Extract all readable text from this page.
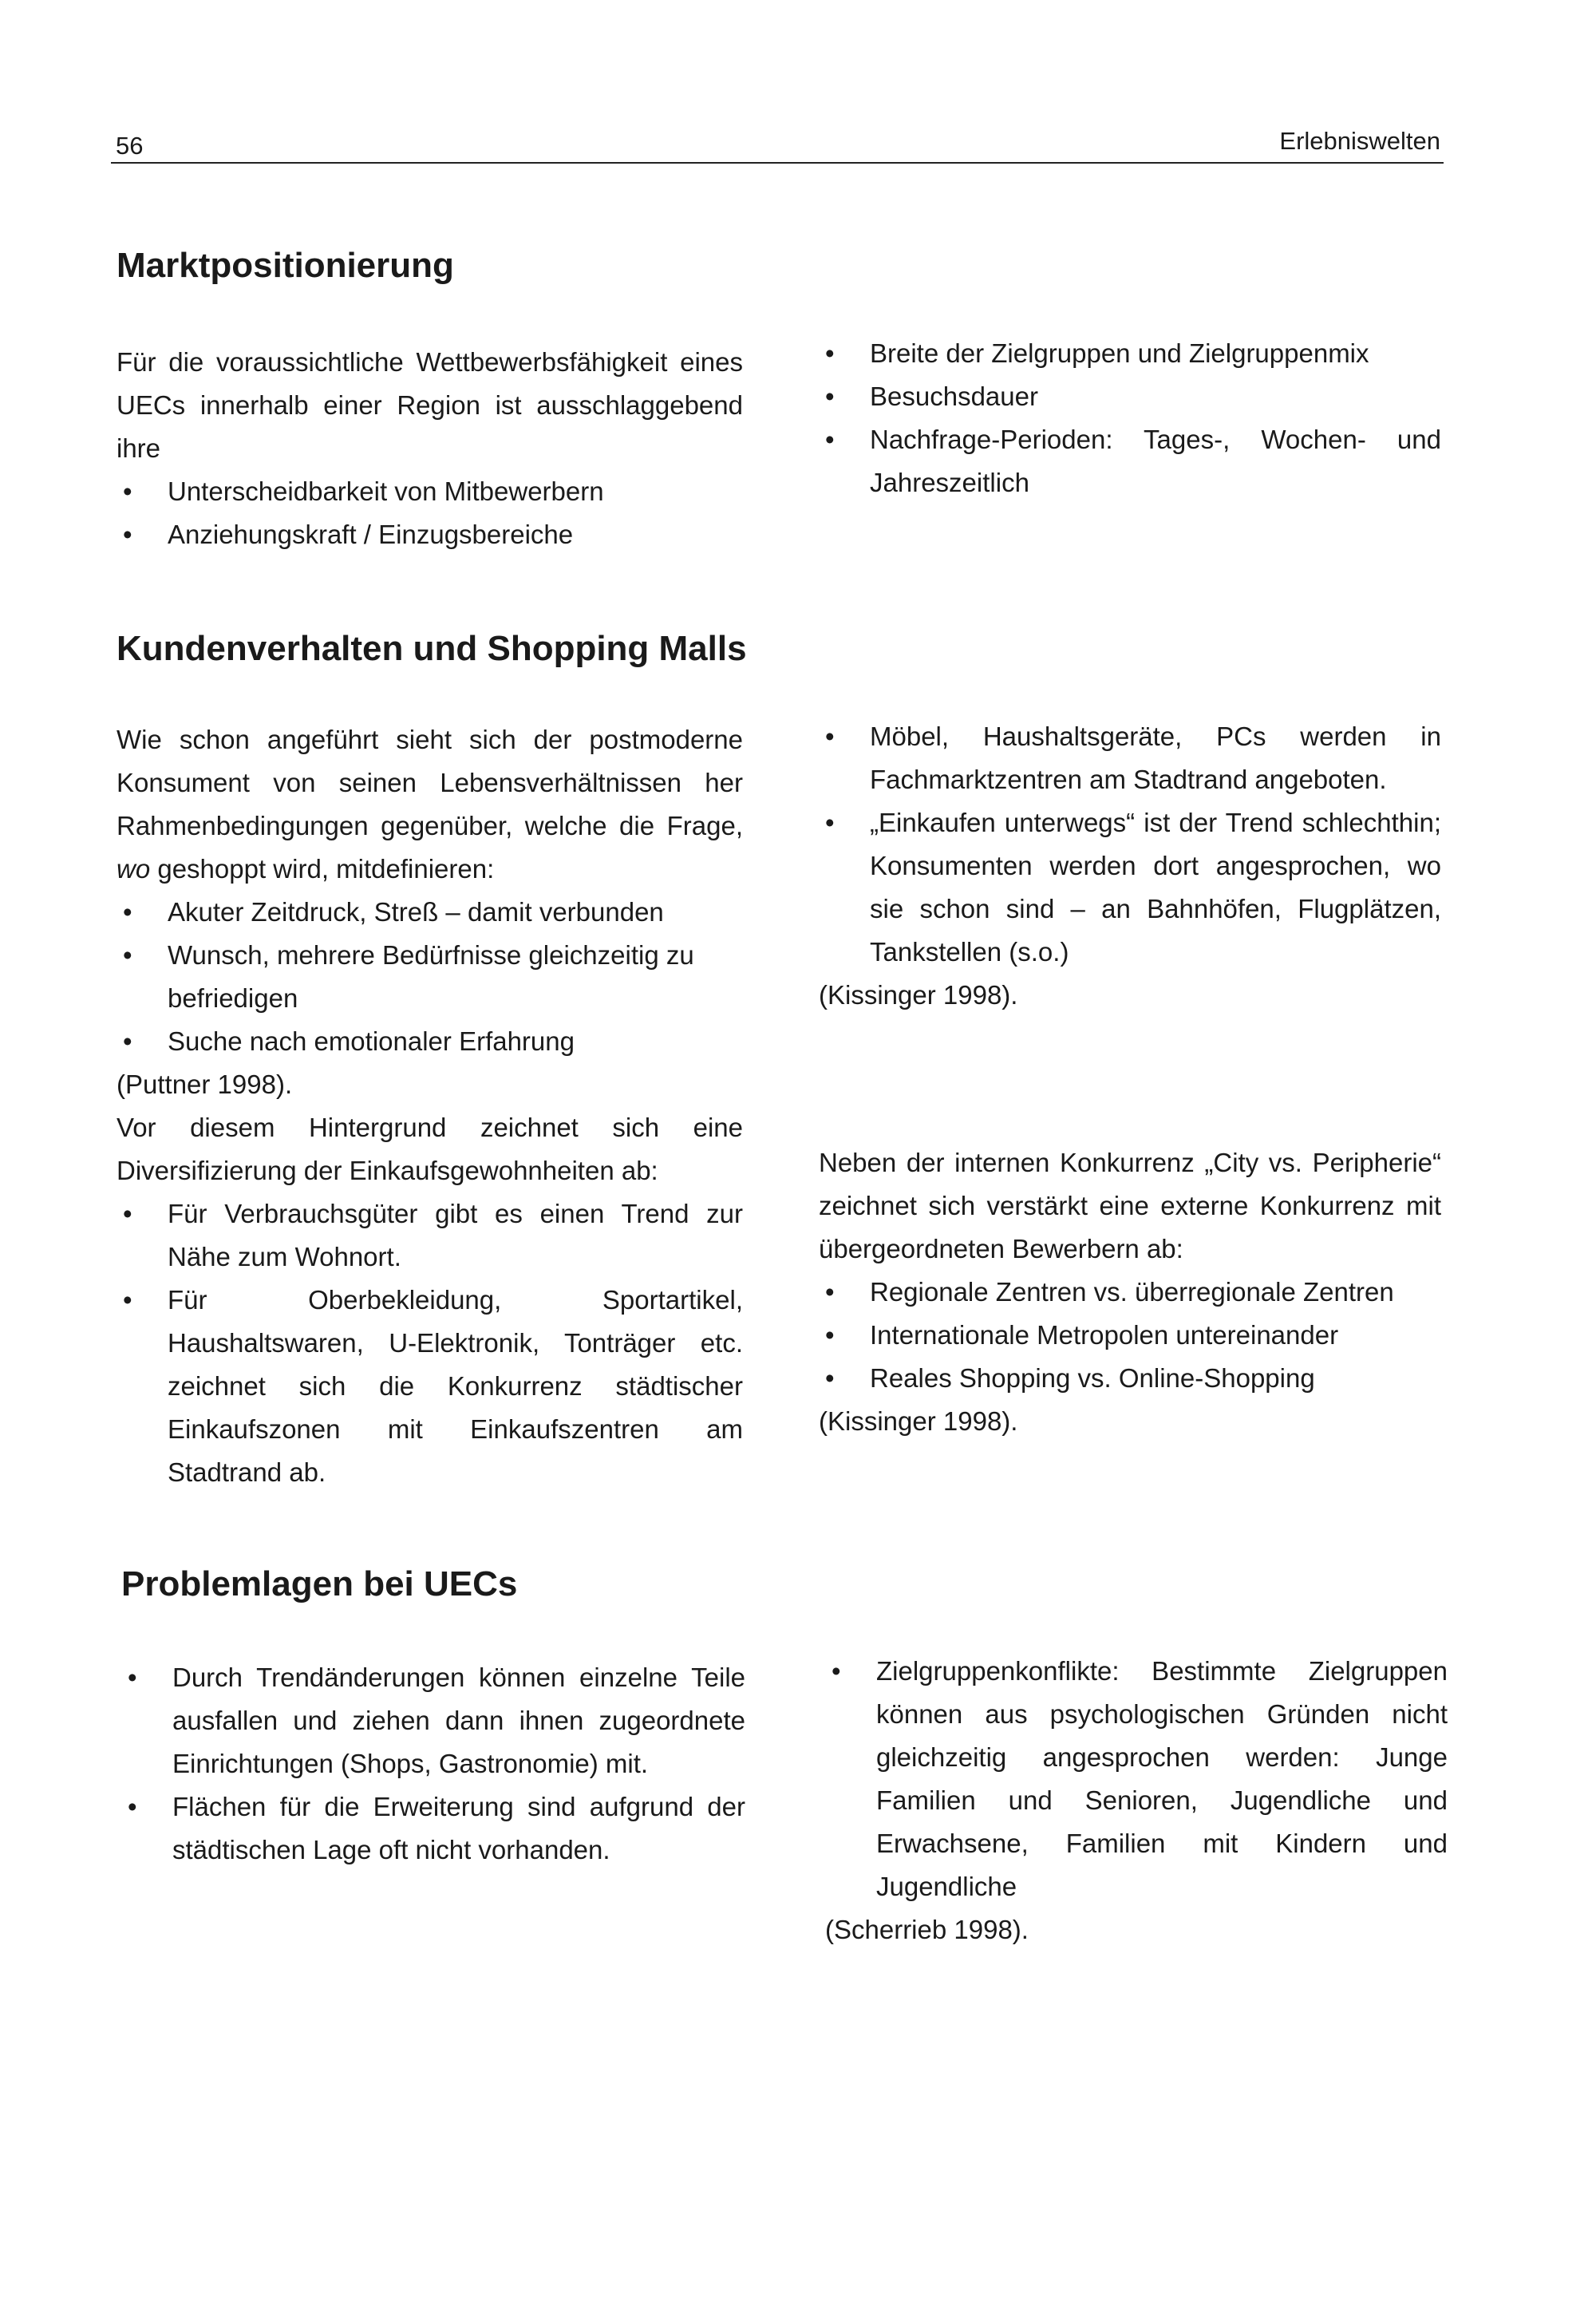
56	Erlebniswelten
Marktpositionierung

Für die voraussichtliche Wettbewerbsfähigkeit eines UECs innerhalb einer Region ist ausschlaggebend ihre

• Unterscheidbarkeit von Mitbewerbern
• Anziehungskraft / Einzugsbereiche
• Breite der Zielgruppen und Zielgruppenmix
• Besuchsdauer
• Nachfrage-Perioden: Tages-, Wochen- und Jahreszeitlich
Kundenverhalten und Shopping Malls

Wie schon angeführt sieht sich der postmoderne Konsument von seinen Lebensverhältnissen her Rahmenbedingungen gegenüber, welche die Frage, wo geshoppt wird, mitdefinieren:

• Akuter Zeitdruck, Streß – damit verbunden
• Wunsch, mehrere Bedürfnisse gleichzeitig zu befriedigen
• Suche nach emotionaler Erfahrung

(Puttner 1998).

Vor diesem Hintergrund zeichnet sich eine Diversifizierung der Einkaufsgewohnheiten ab:

• Für Verbrauchsgüter gibt es einen Trend zur Nähe zum Wohnort.
• Für Oberbekleidung, Sportartikel, Haushaltswaren, U-Elektronik, Tonträger etc. zeichnet sich die Konkurrenz städtischer Einkaufszonen mit Einkaufszentren am Stadtrand ab.
• Möbel, Haushaltsgeräte, PCs werden in Fachmarktzentren am Stadtrand angeboten.
• „Einkaufen unterwegs“ ist der Trend schlechthin; Konsumenten werden dort angesprochen, wo sie schon sind – an Bahnhöfen, Flugplätzen, Tankstellen (s.o.)

(Kissinger 1998).

Neben der internen Konkurrenz „City vs. Peripherie“ zeichnet sich verstärkt eine externe Konkurrenz mit übergeordneten Bewerbern ab:

• Regionale Zentren vs. überregionale Zentren
• Internationale Metropolen untereinander
• Reales Shopping vs. Online-Shopping

(Kissinger 1998).

Problemlagen bei UECs
• Durch Trendänderungen können einzelne Teile ausfallen und ziehen dann ihnen zugeordnete Einrichtungen (Shops, Gastronomie) mit.
• Flächen für die Erweiterung sind aufgrund der städtischen Lage oft nicht vorhanden.
• Zielgruppenkonflikte: Bestimmte Zielgruppen können aus psychologischen Gründen nicht gleichzeitig angesprochen werden: Junge Familien und Senioren, Jugendliche und Erwachsene, Familien mit Kindern und Jugendliche

(Scherrieb 1998).
